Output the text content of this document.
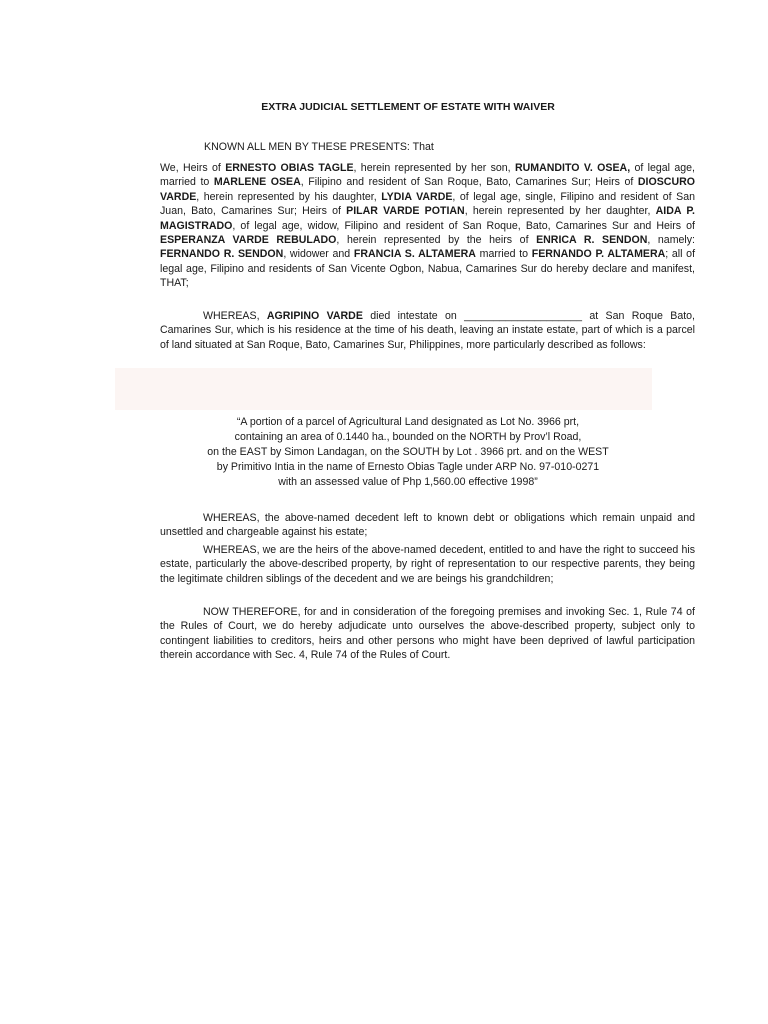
EXTRA JUDICIAL SETTLEMENT OF ESTATE WITH WAIVER
KNOWN ALL MEN BY THESE PRESENTS: That
We, Heirs of ERNESTO OBIAS TAGLE, herein represented by her son, RUMANDITO V. OSEA, of legal age, married to MARLENE OSEA, Filipino and resident of San Roque, Bato, Camarines Sur; Heirs of DIOSCURO VARDE, herein represented by his daughter, LYDIA VARDE, of legal age, single, Filipino and resident of San Juan, Bato, Camarines Sur; Heirs of PILAR VARDE POTIAN, herein represented by her daughter, AIDA P. MAGISTRADO, of legal age, widow, Filipino and resident of San Roque, Bato, Camarines Sur and Heirs of ESPERANZA VARDE REBULADO, herein represented by the heirs of ENRICA R. SENDON, namely: FERNANDO R. SENDON, widower and FRANCIA S. ALTAMERA married to FERNANDO P. ALTAMERA; all of legal age, Filipino and residents of San Vicente Ogbon, Nabua, Camarines Sur do hereby declare and manifest, THAT;
WHEREAS, AGRIPINO VARDE died intestate on ____________________ at San Roque Bato, Camarines Sur, which is his residence at the time of his death, leaving an instate estate, part of which is a parcel of land situated at San Roque, Bato, Camarines Sur, Philippines, more particularly described as follows:
“A portion of a parcel of Agricultural Land designated as Lot No. 3966 prt,
containing an area of 0.1440 ha., bounded on the NORTH by Prov’l Road,
on the EAST by Simon Landagan, on the SOUTH by Lot . 3966 prt. and on the WEST
by Primitivo Intia in the name of Ernesto Obias Tagle under ARP No. 97-010-0271
with an assessed value of Php 1,560.00 effective 1998”
WHEREAS, the above-named decedent left to known debt or obligations which remain unpaid and unsettled and chargeable against his estate;
WHEREAS, we are the heirs of the above-named decedent, entitled to and have the right to succeed his estate, particularly the above-described property, by right of representation to our respective parents, they being the legitimate children siblings of the decedent and we are beings his grandchildren;
NOW THEREFORE, for and in consideration of the foregoing premises and invoking Sec. 1, Rule 74 of the Rules of Court, we do hereby adjudicate unto ourselves the above-described property, subject only to contingent liabilities to creditors, heirs and other persons who might have been deprived of lawful participation therein accordance with Sec. 4, Rule 74 of the Rules of Court.
